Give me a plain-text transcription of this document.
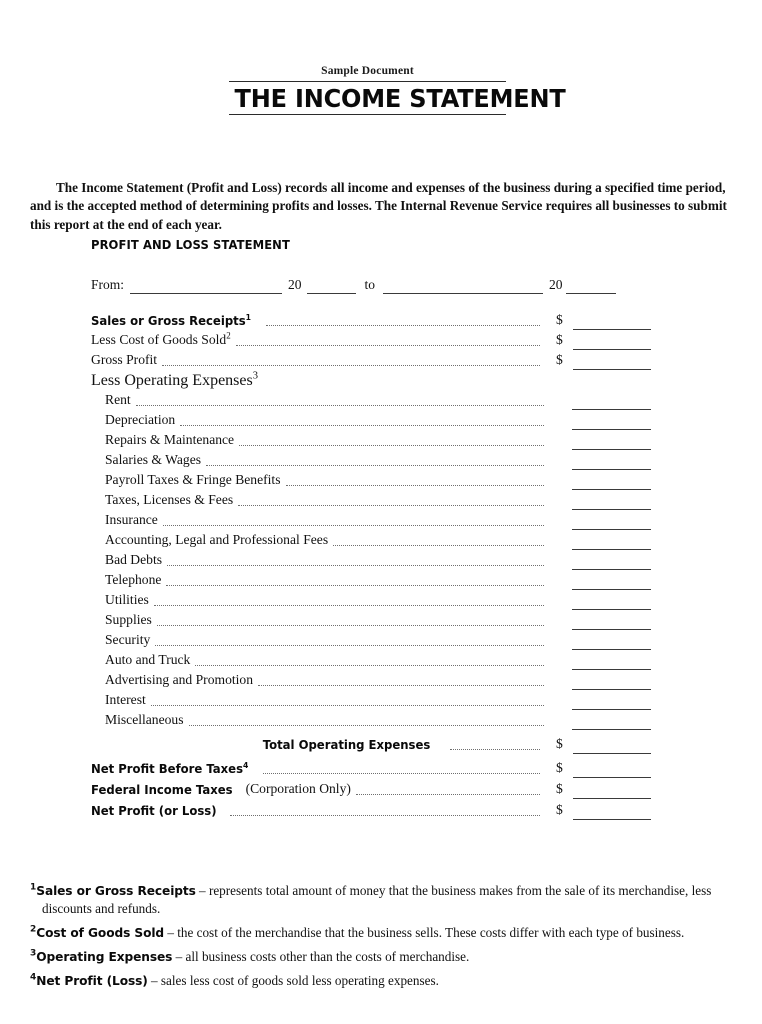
Sample Document
THE INCOME STATEMENT

The Income Statement (Profit and Loss) records all income and expenses of the business during a specified time period, and is the accepted method of determining profits and losses. The Internal Revenue Service requires all businesses to submit this report at the end of each year.

PROFIT AND LOSS STATEMENT
From:	20	to	20
Sales or Gross Receipts$^1$	$
Less Cost of Goods Sold$^2$	$
Gross Profit	$
Less Operating Expenses$^3$
Rent
Depreciation
Repairs & Maintenance
Salaries & Wages
Payroll Taxes & Fringe Benefits
Taxes, Licenses & Fees
Insurance
Accounting, Legal and Professional Fees
Bad Debts
Telephone
Utilities
Supplies
Security
Auto and Truck
Advertising and Promotion
Interest
Miscellaneous
Total Operating Expenses	$
Net Profit Before Taxes$^4$	$
Federal Income Taxes (Corporation Only)	$
Net Profit (or Loss)	$
$^1$Sales or Gross Receipts – represents total amount of money that the business makes from the sale of its merchandise, less discounts and refunds.
$^2$Cost of Goods Sold – the cost of the merchandise that the business sells. These costs differ with each type of business.
$^3$Operating Expenses – all business costs other than the costs of merchandise.
$^4$Net Profit (Loss) – sales less cost of goods sold less operating expenses.
